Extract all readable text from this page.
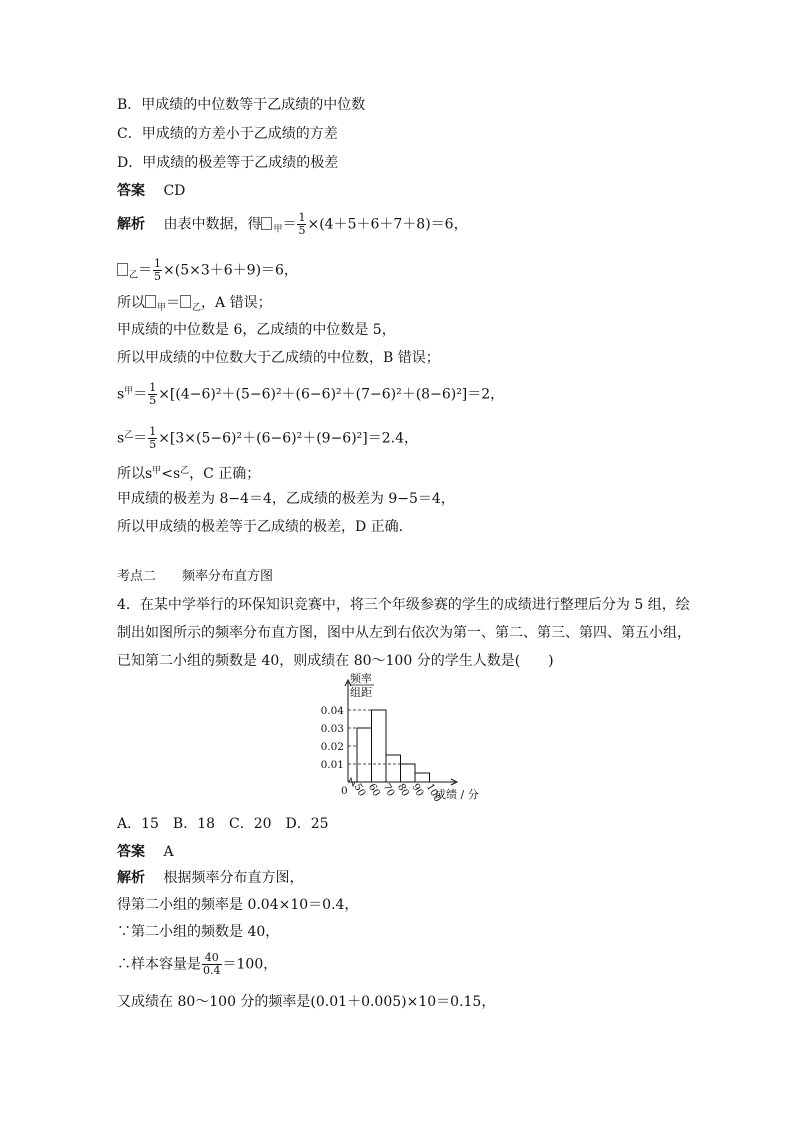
B．甲成绩的中位数等于乙成绩的中位数
C．甲成绩的方差小于乙成绩的方差
D．甲成绩的极差等于乙成绩的极差
答案　 CD
解析　 由表中数据，得 $_甲= \frac{1}{5} \times(4+5+6+7+8)=6$，
$_乙= \frac{1}{5} \times(5\times 3+6+9)=6$，
所以 $_甲$＝ $_乙$，A 错误；
甲成绩的中位数是 6，乙成绩的中位数是 5，
所以甲成绩的中位数大于乙成绩的中位数，B 错误；
$s^甲= \frac{1}{5} \times[(4-6)^2+(5-6)^2+(6-6)^2+(7-6)^2+(8-6)^2]=2$，
$s^乙= \frac{1}{5} \times[3\times(5-6)^2+(6-6)^2+(9-6)^2]=2.4$，
所以$s^甲<s^乙$，C 正确；
甲成绩的极差为 8−4＝4，乙成绩的极差为 9−5＝4，
所以甲成绩的极差等于乙成绩的极差，D 正确.
考点二　　 频率分布直方图
4．在某中学举行的环保知识竞赛中，将三个年级参赛的学生的成绩进行整理后分为 5 组，绘
制出如图所示的频率分布直方图，图中从左到右依次为第一、第二、第三、第四、第五小组，
已知第二小组的频数是 40，则成绩在 80～100 分的学生人数是(　　)
频率
组距
0.01
0.02
0.03
0.04
0 50
60
70
80
90
100
成绩 / 分
A．15　B．18　C．20　D．25
答案　 A
解析　 根据频率分布直方图，
得第二小组的频率是 0.04×10＝0.4，
∵第二小组的频数是 40，
∴样本容量是 $\frac{40}{0.4} =100$，
又成绩在 80～100 分的频率是(0.01＋0.005)×10＝0.15，
